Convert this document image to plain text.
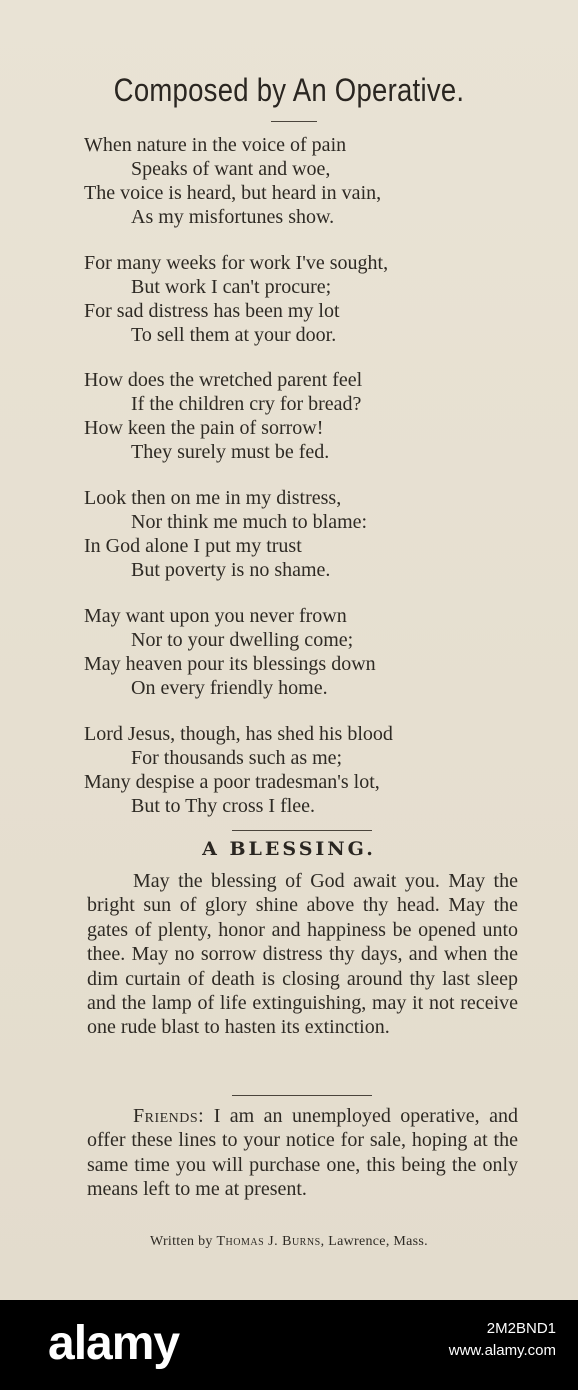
Composed by An Operative.
When nature in the voice of pain
Speaks of want and woe,
The voice is heard, but heard in vain,
As my misfortunes show.
For many weeks for work I've sought,
But work I can't procure;
For sad distress has been my lot
To sell them at your door.
How does the wretched parent feel
If the children cry for bread?
How keen the pain of sorrow!
They surely must be fed.
Look then on me in my distress,
Nor think me much to blame:
In God alone I put my trust
But poverty is no shame.
May want upon you never frown
Nor to your dwelling come;
May heaven pour its blessings down
On every friendly home.
Lord Jesus, though, has shed his blood
For thousands such as me;
Many despise a poor tradesman's lot,
But to Thy cross I flee.
A BLESSING.
May the blessing of God await you. May the bright sun of glory shine above thy head. May the gates of plenty, honor and happiness be opened unto thee. May no sorrow distress thy days, and when the dim curtain of death is closing around thy last sleep and the lamp of life extinguishing, may it not receive one rude blast to hasten its extinction.
Friends: I am an unemployed operative, and offer these lines to your notice for sale, hoping at the same time you will purchase one, this being the only means left to me at present.
Written by Thomas J. Burns, Lawrence, Mass.
alamy	2M2BND1
www.alamy.com
